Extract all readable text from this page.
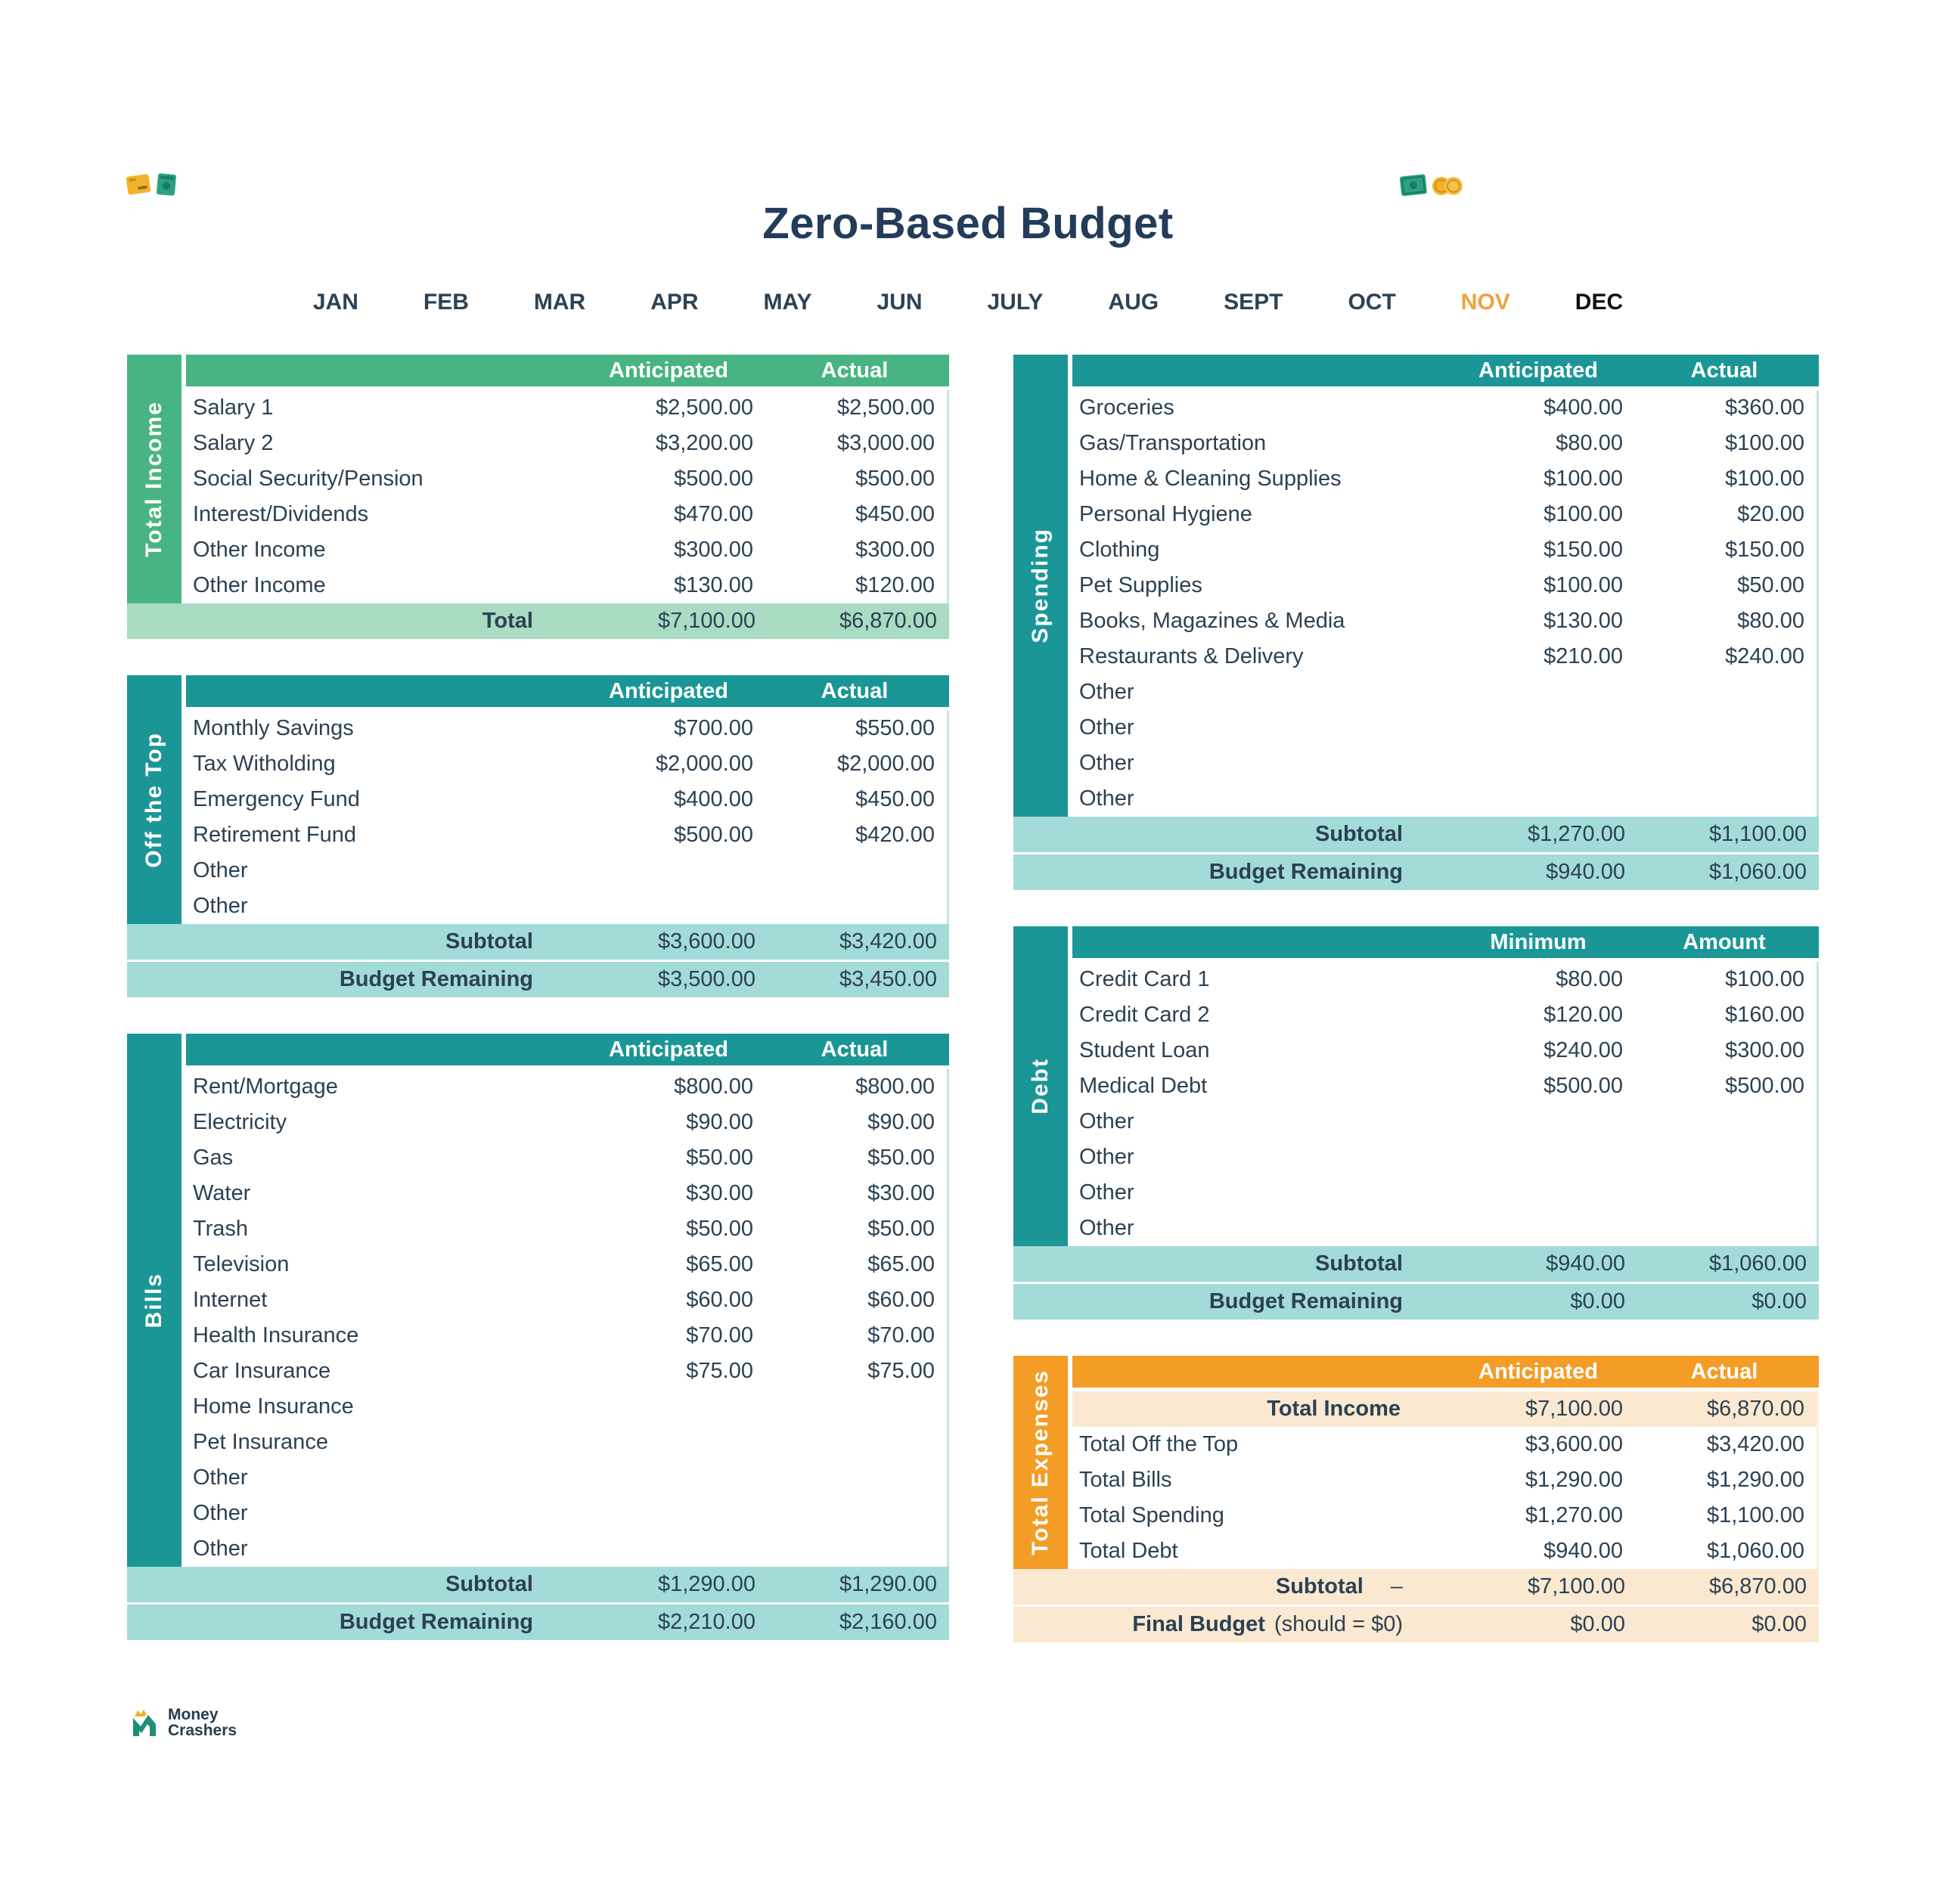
Zero-Based Budget
JAN	FEB	MAR	APR	MAY	JUN	JULY	AUG	SEPT	OCT	NOV	DEC
Total Income
Anticipated	Actual
Salary 1	$2,500.00	$2,500.00
Salary 2	$3,200.00	$3,000.00
Social Security/Pension	$500.00	$500.00
Interest/Dividends	$470.00	$450.00
Other Income	$300.00	$300.00
Other Income	$130.00	$120.00
Total	$7,100.00	$6,870.00
Off the Top
Anticipated	Actual
Monthly Savings	$700.00	$550.00
Tax Witholding	$2,000.00	$2,000.00
Emergency Fund	$400.00	$450.00
Retirement Fund	$500.00	$420.00
Other
Other
Subtotal	$3,600.00	$3,420.00
Budget Remaining	$3,500.00	$3,450.00
Bills
Anticipated	Actual
Rent/Mortgage	$800.00	$800.00
Electricity	$90.00	$90.00
Gas	$50.00	$50.00
Water	$30.00	$30.00
Trash	$50.00	$50.00
Television	$65.00	$65.00
Internet	$60.00	$60.00
Health Insurance	$70.00	$70.00
Car Insurance	$75.00	$75.00
Home Insurance
Pet Insurance
Other
Other
Other
Subtotal	$1,290.00	$1,290.00
Budget Remaining	$2,210.00	$2,160.00
Spending
Anticipated	Actual
Groceries	$400.00	$360.00
Gas/Transportation	$80.00	$100.00
Home & Cleaning Supplies	$100.00	$100.00
Personal Hygiene	$100.00	$20.00
Clothing	$150.00	$150.00
Pet Supplies	$100.00	$50.00
Books, Magazines & Media	$130.00	$80.00
Restaurants & Delivery	$210.00	$240.00
Other
Other
Other
Other
Subtotal	$1,270.00	$1,100.00
Budget Remaining	$940.00	$1,060.00
Debt
Minimum	Amount
Credit Card 1	$80.00	$100.00
Credit Card 2	$120.00	$160.00
Student Loan	$240.00	$300.00
Medical Debt	$500.00	$500.00
Other
Other
Other
Other
Subtotal	$940.00	$1,060.00
Budget Remaining	$0.00	$0.00
Total Expenses	Anticipated	Actual
Total Income	$7,100.00	$6,870.00
Total Off the Top	$3,600.00	$3,420.00
Total Bills	$1,290.00	$1,290.00
Total Spending	$1,270.00	$1,100.00
Total Debt	$940.00	$1,060.00
Subtotal –	$7,100.00	$6,870.00
Final Budget (should = $0)	$0.00	$0.00
Money
Crashers
